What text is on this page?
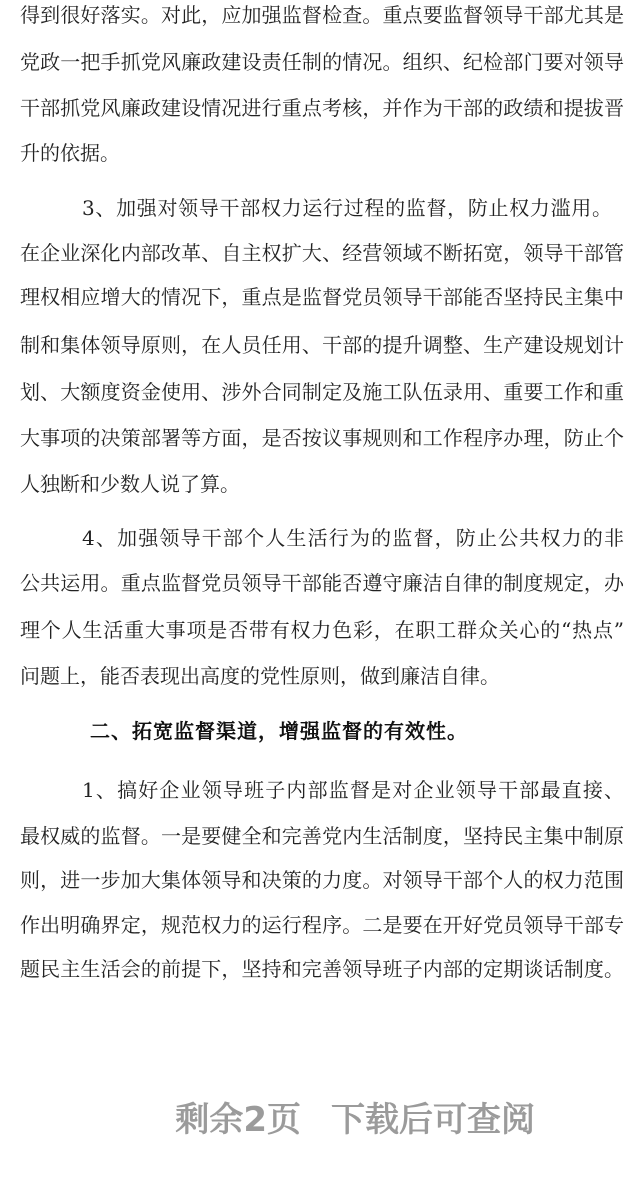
得到很好落实。对此，应加强监督检查。重点要监督领导干部尤其是
党政一把手抓党风廉政建设责任制的情况。组织、纪检部门要对领导
干部抓党风廉政建设情况进行重点考核，并作为干部的政绩和提拔晋
升的依据。
3、加强对领导干部权力运行过程的监督，防止权力滥用。
在企业深化内部改革、自主权扩大、经营领域不断拓宽，领导干部管
理权相应增大的情况下，重点是监督党员领导干部能否坚持民主集中
制和集体领导原则，在人员任用、干部的提升调整、生产建设规划计
划、大额度资金使用、涉外合同制定及施工队伍录用、重要工作和重
大事项的决策部署等方面，是否按议事规则和工作程序办理，防止个
人独断和少数人说了算。
4、加强领导干部个人生活行为的监督，防止公共权力的非
公共运用。重点监督党员领导干部能否遵守廉洁自律的制度规定，办
理个人生活重大事项是否带有权力色彩，在职工群众关心的“热点”
问题上，能否表现出高度的党性原则，做到廉洁自律。
二、拓宽监督渠道，增强监督的有效性。
1、搞好企业领导班子内部监督是对企业领导干部最直接、
最权威的监督。一是要健全和完善党内生活制度，坚持民主集中制原
则，进一步加大集体领导和决策的力度。对领导干部个人的权力范围
作出明确界定，规范权力的运行程序。二是要在开好党员领导干部专
题民主生活会的前提下，坚持和完善领导班子内部的定期谈话制度。

剩余2页 下载后可查阅
